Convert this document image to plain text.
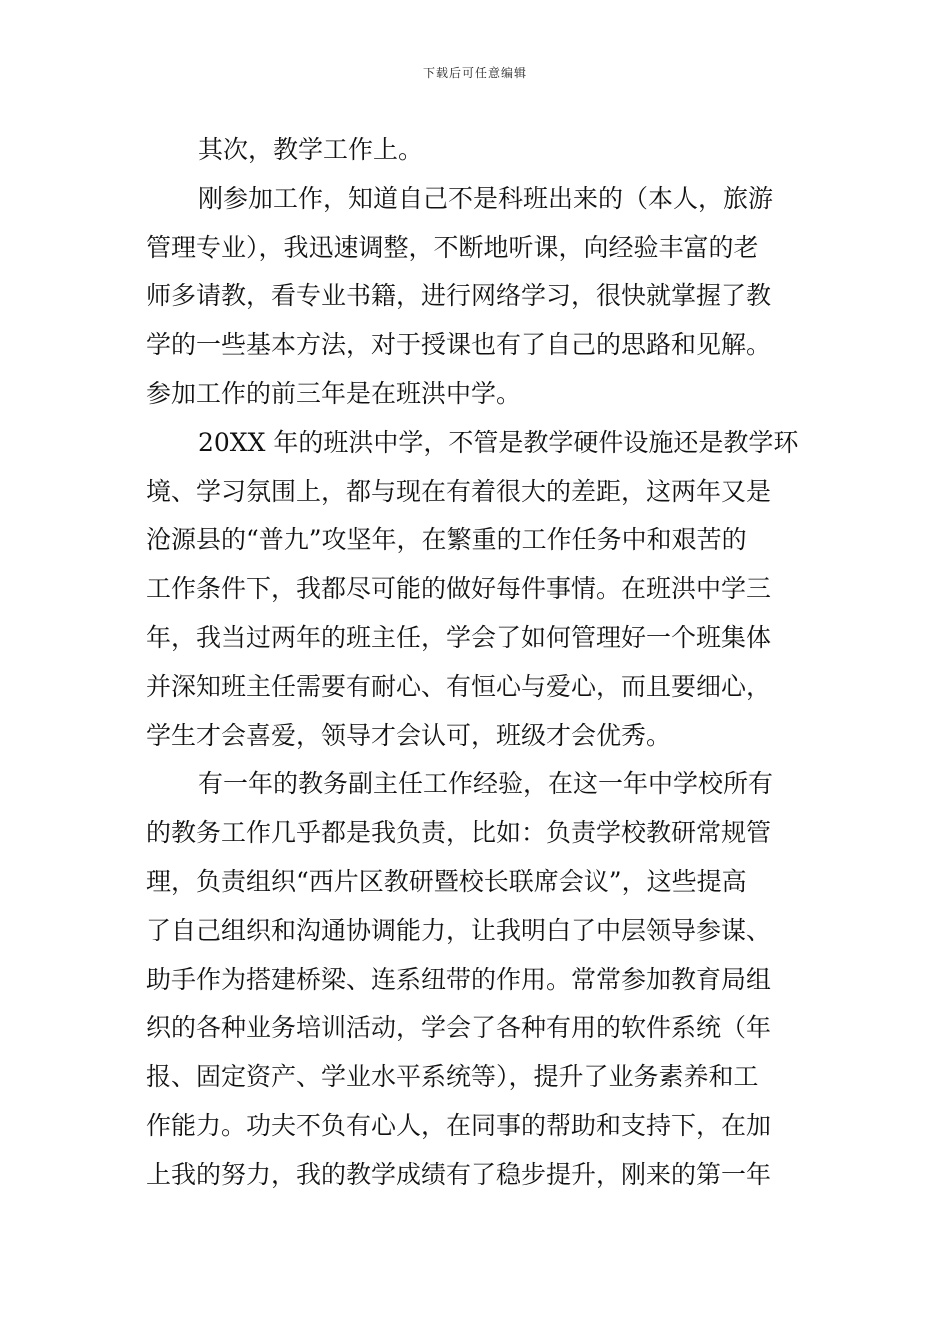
下载后可任意编辑
其次，教学工作上。
刚参加工作，知道自己不是科班出来的（本人，旅游
管理专业），我迅速调整，不断地听课，向经验丰富的老
师多请教，看专业书籍，进行网络学习，很快就掌握了教
学的一些基本方法，对于授课也有了自己的思路和见解。
参加工作的前三年是在班洪中学。
20XX 年的班洪中学，不管是教学硬件设施还是教学环
境、学习氛围上，都与现在有着很大的差距，这两年又是
沧源县的“普九”攻坚年，在繁重的工作任务中和艰苦的
工作条件下，我都尽可能的做好每件事情。在班洪中学三
年，我当过两年的班主任，学会了如何管理好一个班集体
并深知班主任需要有耐心、有恒心与爱心，而且要细心，
学生才会喜爱，领导才会认可，班级才会优秀。
有一年的教务副主任工作经验，在这一年中学校所有
的教务工作几乎都是我负责，比如：负责学校教研常规管
理，负责组织“西片区教研暨校长联席会议”，这些提高
了自己组织和沟通协调能力，让我明白了中层领导参谋、
助手作为搭建桥梁、连系纽带的作用。常常参加教育局组
织的各种业务培训活动，学会了各种有用的软件系统（年
报、固定资产、学业水平系统等），提升了业务素养和工
作能力。功夫不负有心人，在同事的帮助和支持下，在加
上我的努力，我的教学成绩有了稳步提升，刚来的第一年
